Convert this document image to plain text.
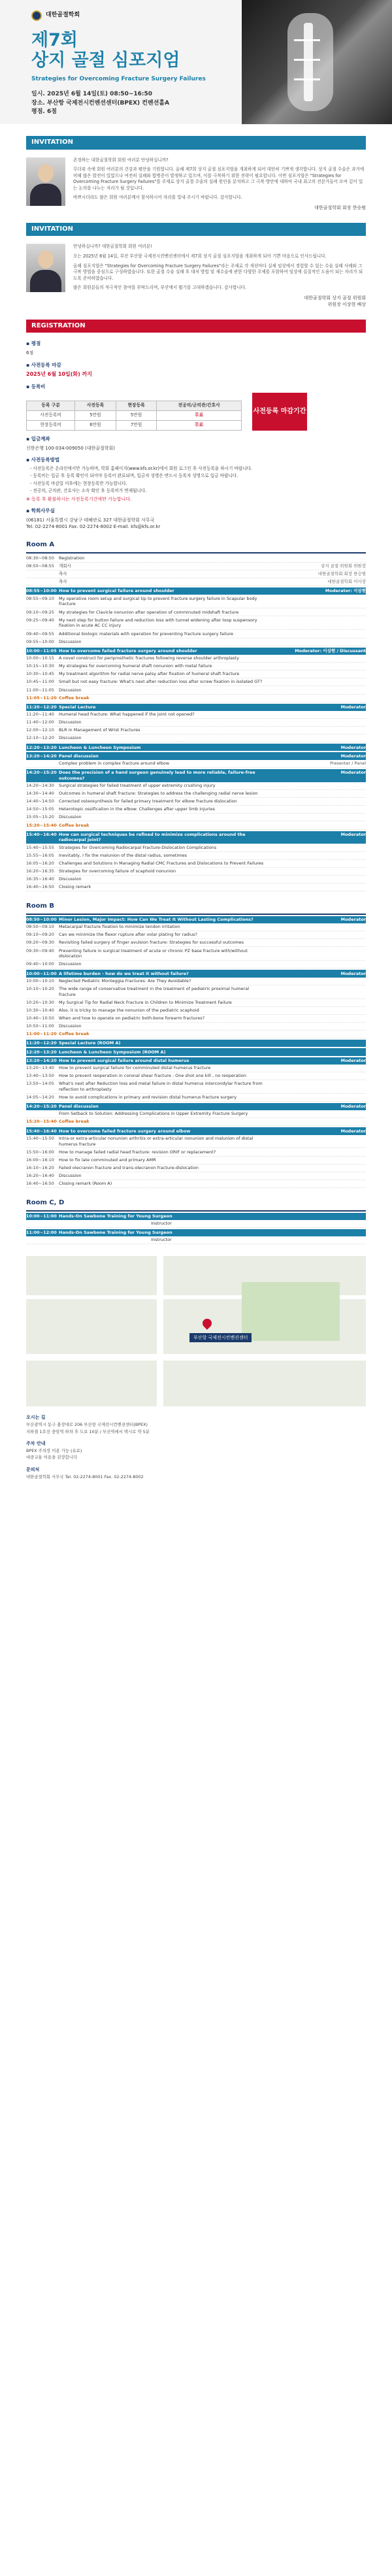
대한골절학회
제7회
상지 골절 심포지엄
Strategies for Overcoming Fracture Surgery Failures
일시. 2025년 6월 14일(토) 08:50~16:50
장소. 부산항 국제전시컨벤션센터(BPEX) 컨벤션홀A
평점. 6점
INVITATION

존경하는 대한골절학회 회원 여러분 안녕하십니까?

무더위 속에 회원 여러분의 건강과 평안을 기원합니다. 올해 제7회 상지 골절 심포지엄을 개최하게 되어 대단히 기쁘게 생각합니다. 상지 골절 수술은 과거에 비해 많은 발전이 있었으나 여전히 실패와 합병증이 발생하고 있으며, 이를 극복하기 위한 전략이 필요합니다. 이번 심포지엄은 "Strategies for Overcoming Fracture Surgery Failures"를 주제로 상지 골절 수술의 실패 원인을 분석하고 그 극복 방안에 대하여 국내 최고의 전문가들이 모여 깊이 있는 논의를 나누는 자리가 될 것입니다.

바쁘시더라도 많은 회원 여러분께서 참석하시어 자리를 빛내 주시기 바랍니다. 감사합니다.

대한골절학회 회장 한승범
INVITATION

안녕하십니까? 대한골절학회 회원 여러분!

오는 2025년 6월 14일, 부산 부산항 국제전시컨벤션센터에서 제7회 상지 골절 심포지엄을 개최하게 되어 기쁜 마음으로 인사드립니다.

올해 심포지엄은 "Strategies for Overcoming Fracture Surgery Failures"라는 주제로 각 세션마다 실제 임상에서 경험할 수 있는 수술 실패 사례와 그 극복 방법을 중심으로 구성하였습니다. 또한 골절 수술 실패 후 대처 방법 및 재수술에 관한 다양한 주제를 포함하여 임상에 실질적인 도움이 되는 자리가 되도록 준비하였습니다.

많은 회원분들의 적극적인 참여를 부탁드리며, 부산에서 뵙기를 고대하겠습니다. 감사합니다.

대한골절학회 상지 골절 위원회
위원장 이상현 배상
REGISTRATION
▪ 평점
6점
▪ 사전등록 마감
2025년 6월 10일(화) 까지
▪ 등록비
등록 구분	사전등록	현장등록	전공의/군의관/간호사
사전등록비	5만원	5만원	무료
현장등록비	6만원	7만원	무료
사전등록 마감기간
▪ 입금계좌
신한은행 100-034-009050 (대한골절학회)
▪ 사전등록방법
- 사전등록은 온라인에서만 가능하며, 학회 홈페이지(www.kfs.or.kr)에서 회원 로그인 후 사전등록을 하시기 바랍니다.
- 등록비는 입금 후 등록 확인이 되어야 등록이 완료되며, 입금자 성명은 반드시 등록자 성명으로 입금 바랍니다.
- 사전등록 마감일 이후에는 현장등록만 가능합니다.
- 전공의, 군의관, 간호사는 소속 확인 후 등록비가 면제됩니다.
※ 등록 후 환불하시는 사전등록기간에만 가능합니다.
▪ 학회사무실
(06181) 서울특별시 강남구 테헤란로 327 대한골절학회 사무국
Tel. 02-2274-8001 Fax. 02-2274-8002 E-mail. kfs@kfs.or.kr
Room A
08:30~08:50	Registration
08:50~08:55	개회사	상지 골절 위원회 위원장
축사	대한골절학회 회장 한승범
축사	대한골절학회 이사장
08:55~10:00 How to prevent surgical failure around shoulder	Moderator: 이상현
08:55~09:10	My operative room setup and surgical tip to prevent fracture surgery failure in Scapular body fracture
09:10~09:25	My strategies for Clavicle nonunion after operation of comminuted midshaft fracture
09:25~09:40	My next step for button failure and reduction loss with tunnel widening after loop suspensory fixation in acute AC CC injury
09:40~09:55	Additional biologic materials with operation for preventing fracture surgery failure
09:55~10:00	Discussion
10:00~11:05 How to overcome failed fracture surgery around shoulder	Moderator: 이상현 / Discussant
10:00~10:15	A novel construct for periprosthetic fractures following reverse shoulder arthroplasty
10:15~10:30	My strategies for overcoming humeral shaft nonunion with metal failure
10:30~10:45	My treatment algorithm for radial nerve palsy after fixation of humeral shaft fracture
10:45~11:00	Small but not easy fracture: What's next after reduction loss after screw fixation in isolated GT?
11:00~11:05	Discussion
11:05~11:20 Coffee break
11:20~12:20 Special Lecture	Moderator
11:20~11:40	Humeral head fracture: What happened if the joint not opened?
11:40~12:00	Discussion
12:00~12:10	BLR in Management of Wrist Fractures
12:10~12:20	Discussion
12:20~13:20 Luncheon & Luncheon Symposium	Moderator
13:20~14:20 Panel discussion	Moderator
Complex problem in complex fracture around elbow	Presenter / Panel
14:20~15:20 Does the precision of a hand surgeon genuinely lead to more reliable, failure-free outcomes?
Moderator
14:20~14:30	Surgical strategies for failed treatment of upper extremity crushing injury
14:30~14:40	Outcomes in humeral shaft fracture: Strategies to address the challenging radial nerve lesion
14:40~14:50	Corrected osteosynthesis for failed primary treatment for elbow fracture dislocation
14:50~15:05	Heterotopic ossification in the elbow: Challenges after upper limb injuries
15:05~15:20	Discussion
15:20~15:40 Coffee break
15:40~16:40 How can surgical techniques be refined to minimize complications around the radiocarpal joint?
Moderator
15:40~15:55	Strategies for Overcoming Radiocarpal Fracture-Dislocation Complications
15:55~16:05	Inevitably, I fix the malunion of the distal radius, sometimes
16:05~16:20	Challenges and Solutions in Managing Radial CMC Fractures and Dislocations to Prevent Failures
16:20~16:35	Strategies for overcoming failure of scaphoid nonunion
16:35~16:40	Discussion
16:40~16:50	Closing remark
Room B
08:50~10:00 Minor Lesion, Major Impact: How Can We Treat It Without Lasting Complications?	Moderator
08:50~09:10	Metacarpal fracture fixation to minimize tendon irritation
09:10~09:20	Can we minimize the flexor rupture after volar plating for radius?
09:20~09:30	Revisiting failed surgery of finger avulsion fracture: Strategies for successful outcomes
09:30~09:40	Preventing failure in surgical treatment of acute or chronic PZ base fracture with/without dislocation
09:40~10:00	Discussion
10:00~11:00 A lifetime burden - how do we treat it without failure?	Moderator
10:00~10:10	Neglected Pediatric Monteggia Fractures: Are They Avoidable?
10:10~10:20	The wide range of conservative treatment in the treatment of pediatric proximal humeral fracture
10:20~10:30	My Surgical Tip for Radial Neck Fracture in Children to Minimize Treatment Failure
10:30~10:40	Also, it is tricky to manage the nonunion of the pediatric scaphoid
10:40~10:50	When and how to operate on pediatric both-bone forearm fractures?
10:50~11:00	Discussion
11:00~11:20 Coffee break
11:20~12:20 Special Lecture (ROOM A)
12:20~13:20 Luncheon & Luncheon Symposium (ROOM A)
13:20~14:20 How to prevent surgical failure around distal humerus	Moderator
13:20~13:40	How to prevent surgical failure for comminuted distal humerus fracture
13:40~13:50	How to prevent reoperation in coronal shear fracture : One shot one kill , no reoperation
13:50~14:05	What's next after Reduction loss and metal failure in distal humerus intercondylar fracture from reflection to arthroplasty
14:05~14:20	How to avoid complications in primary and revision distal humerus fracture surgery
14:20~15:20 Panel discussion	Moderator
From Setback to Solution: Addressing Complications in Upper Extremity Fracture Surgery
15:20~15:40 Coffee break
15:40~16:40 How to overcome failed fracture surgery around elbow	Moderator
15:40~15:50	Intra-or extra-articular nonunion arthritis or extra-articular nonunion and malunion of distal humerus fracture
15:50~16:00	How to manage failed radial head fracture: revision ORIF or replacement?
16:00~16:10	How to fix late comminuted and primary AMR
16:10~16:20	Failed olecranon fracture and trans-olecranon fracture-dislocation
16:20~16:40	Discussion
16:40~16:50	Closing remark (Room A)
Room C, D
10:00~11:00 Hands-On Sawbone Training for Young Surgeon
Instructor
11:00~12:00 Hands-On Sawbone Training for Young Surgeon
Instructor
부산항 국제전시컨벤션센터
오시는 길

부산광역시 동구 충장대로 206 부산항 국제전시컨벤션센터(BPEX)

지하철 1호선 중앙역 하차 후 도보 10분 / 부산역에서 택시로 약 5분

주차 안내

BPEX 주차장 이용 가능 (유료)

대중교통 이용을 권장합니다

문의처

대한골절학회 사무국 Tel. 02-2274-8001 Fax. 02-2274-8002
